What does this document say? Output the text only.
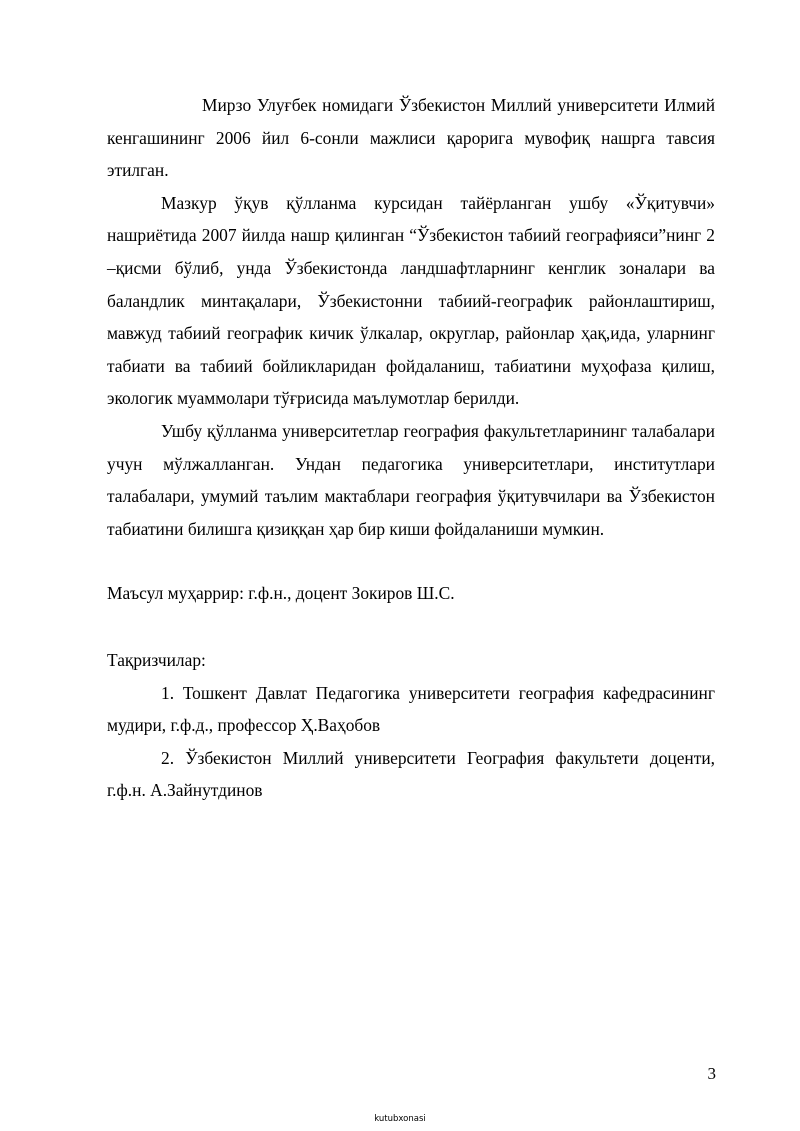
Мирзо Улуғбек номидаги Ўзбекистон Миллий университети Илмий кенгашининг 2006 йил 6-сонли мажлиси қарорига мувофиқ нашрга тавсия этилган.

Мазкур ўқув қўлланма курсидан тайёрланган ушбу «Ўқитувчи» нашриётида 2007 йилда нашр қилинган “Ўзбекистон табиий географияси”нинг 2 –қисми бўлиб, унда Ўзбекистонда ландшафтларнинг кенглик зоналари ва баландлик минтақалари, Ўзбекистонни табиий-географик районлаштириш, мавжуд табиий географик кичик ўлкалар, округлар, районлар ҳақ,ида, уларнинг табиати ва табиий бойликларидан фойдаланиш, табиатини муҳофаза қилиш, экологик муаммолари тўғрисида маълумотлар берилди.

Ушбу қўлланма университетлар география факультетларининг талабалари учун мўлжалланган. Ундан педагогика университетлари, институтлари талабалари, умумий таълим мактаблари география ўқитувчилари ва Ўзбекистон табиатини билишга қизиққан ҳар бир киши фойдаланиши мумкин.

Маъсул муҳаррир: г.ф.н., доцент Зокиров Ш.С.

Тақризчилар:

1. Тошкент Давлат Педагогика университети география кафедрасининг мудири, г.ф.д., профессор Ҳ.Ваҳобов

2. Ўзбекистон Миллий университети География факультети доценти, г.ф.н. А.Зайнутдинов

3
kutubxonasi
